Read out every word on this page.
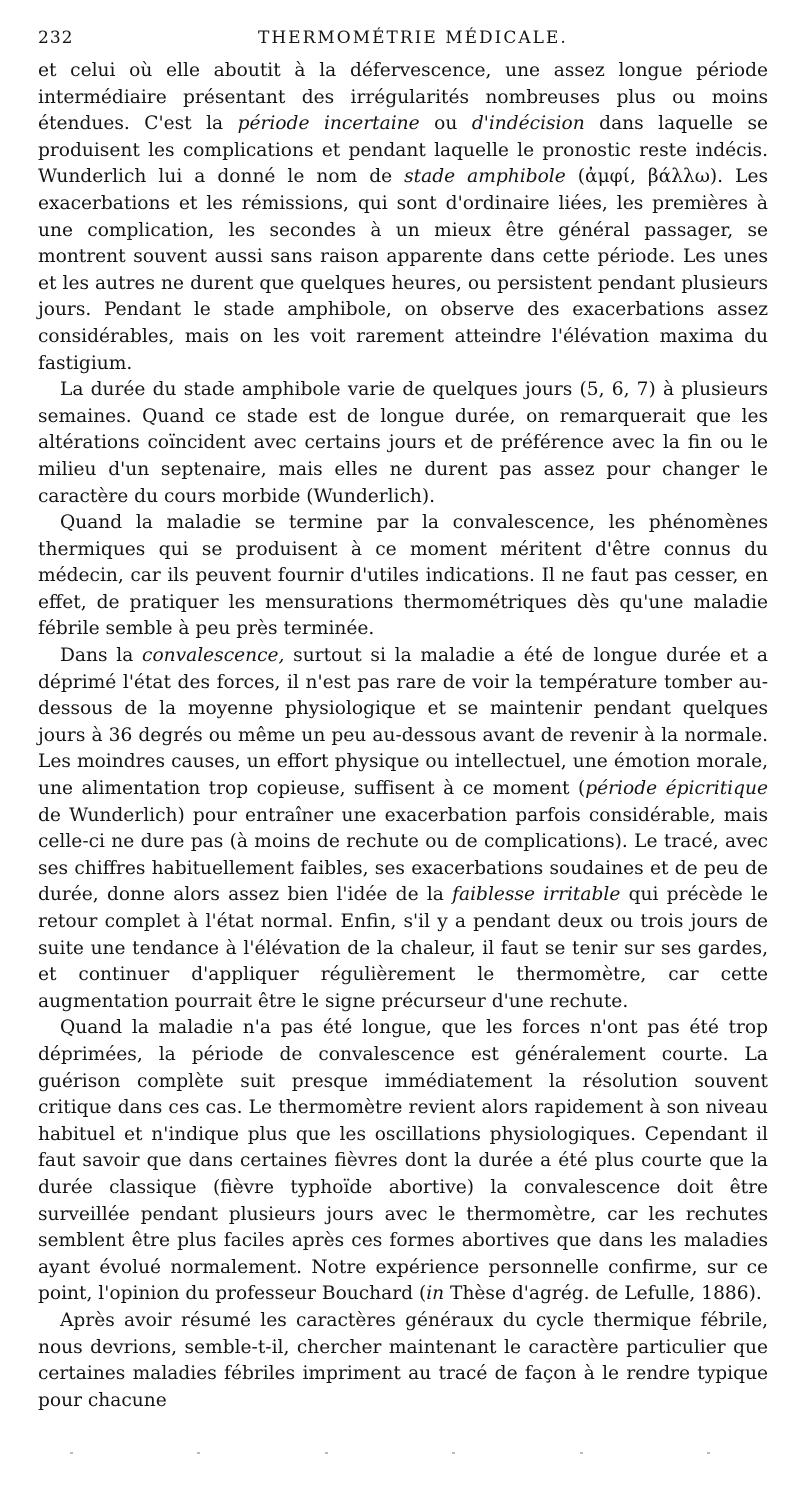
232	THERMOMÉTRIE MÉDICALE.

et celui où elle aboutit à la défervescence, une assez longue période intermédiaire présentant des irrégularités nombreuses plus ou moins étendues. C'est la période incertaine ou d'indécision dans laquelle se produisent les complications et pendant laquelle le pronostic reste indécis. Wunderlich lui a donné le nom de stade amphibole (ἀμφί, βάλλω). Les exacerbations et les rémissions, qui sont d'ordinaire liées, les premières à une complication, les secondes à un mieux être général passager, se montrent souvent aussi sans raison apparente dans cette période. Les unes et les autres ne durent que quelques heures, ou persistent pendant plusieurs jours. Pendant le stade amphibole, on observe des exacerbations assez considérables, mais on les voit rarement atteindre l'élévation maxima du fastigium.

La durée du stade amphibole varie de quelques jours (5, 6, 7) à plusieurs semaines. Quand ce stade est de longue durée, on remarquerait que les altérations coïncident avec certains jours et de préférence avec la fin ou le milieu d'un septenaire, mais elles ne durent pas assez pour changer le caractère du cours morbide (Wunderlich).

Quand la maladie se termine par la convalescence, les phénomènes thermiques qui se produisent à ce moment méritent d'être connus du médecin, car ils peuvent fournir d'utiles indications. Il ne faut pas cesser, en effet, de pratiquer les mensurations thermométriques dès qu'une maladie fébrile semble à peu près terminée.

Dans la convalescence, surtout si la maladie a été de longue durée et a déprimé l'état des forces, il n'est pas rare de voir la température tomber au-dessous de la moyenne physiologique et se maintenir pendant quelques jours à 36 degrés ou même un peu au-dessous avant de revenir à la normale. Les moindres causes, un effort physique ou intellectuel, une émotion morale, une alimentation trop copieuse, suffisent à ce moment (période épicritique de Wunderlich) pour entraîner une exacerbation parfois considérable, mais celle-ci ne dure pas (à moins de rechute ou de complications). Le tracé, avec ses chiffres habituellement faibles, ses exacerbations soudaines et de peu de durée, donne alors assez bien l'idée de la faiblesse irritable qui précède le retour complet à l'état normal. Enfin, s'il y a pendant deux ou trois jours de suite une tendance à l'élévation de la chaleur, il faut se tenir sur ses gardes, et continuer d'appliquer régulièrement le thermomètre, car cette augmentation pourrait être le signe précurseur d'une rechute.

Quand la maladie n'a pas été longue, que les forces n'ont pas été trop déprimées, la période de convalescence est généralement courte. La guérison complète suit presque immédiatement la résolution souvent critique dans ces cas. Le thermomètre revient alors rapidement à son niveau habituel et n'indique plus que les oscillations physiologiques. Cependant il faut savoir que dans certaines fièvres dont la durée a été plus courte que la durée classique (fièvre typhoïde abortive) la convalescence doit être surveillée pendant plusieurs jours avec le thermomètre, car les rechutes semblent être plus faciles après ces formes abortives que dans les maladies ayant évolué normalement. Notre expérience personnelle confirme, sur ce point, l'opinion du professeur Bouchard (in Thèse d'agrég. de Lefulle, 1886).

Après avoir résumé les caractères généraux du cycle thermique fébrile, nous devrions, semble-t-il, chercher maintenant le caractère particulier que certaines maladies fébriles impriment au tracé de façon à le rendre typique pour chacune
